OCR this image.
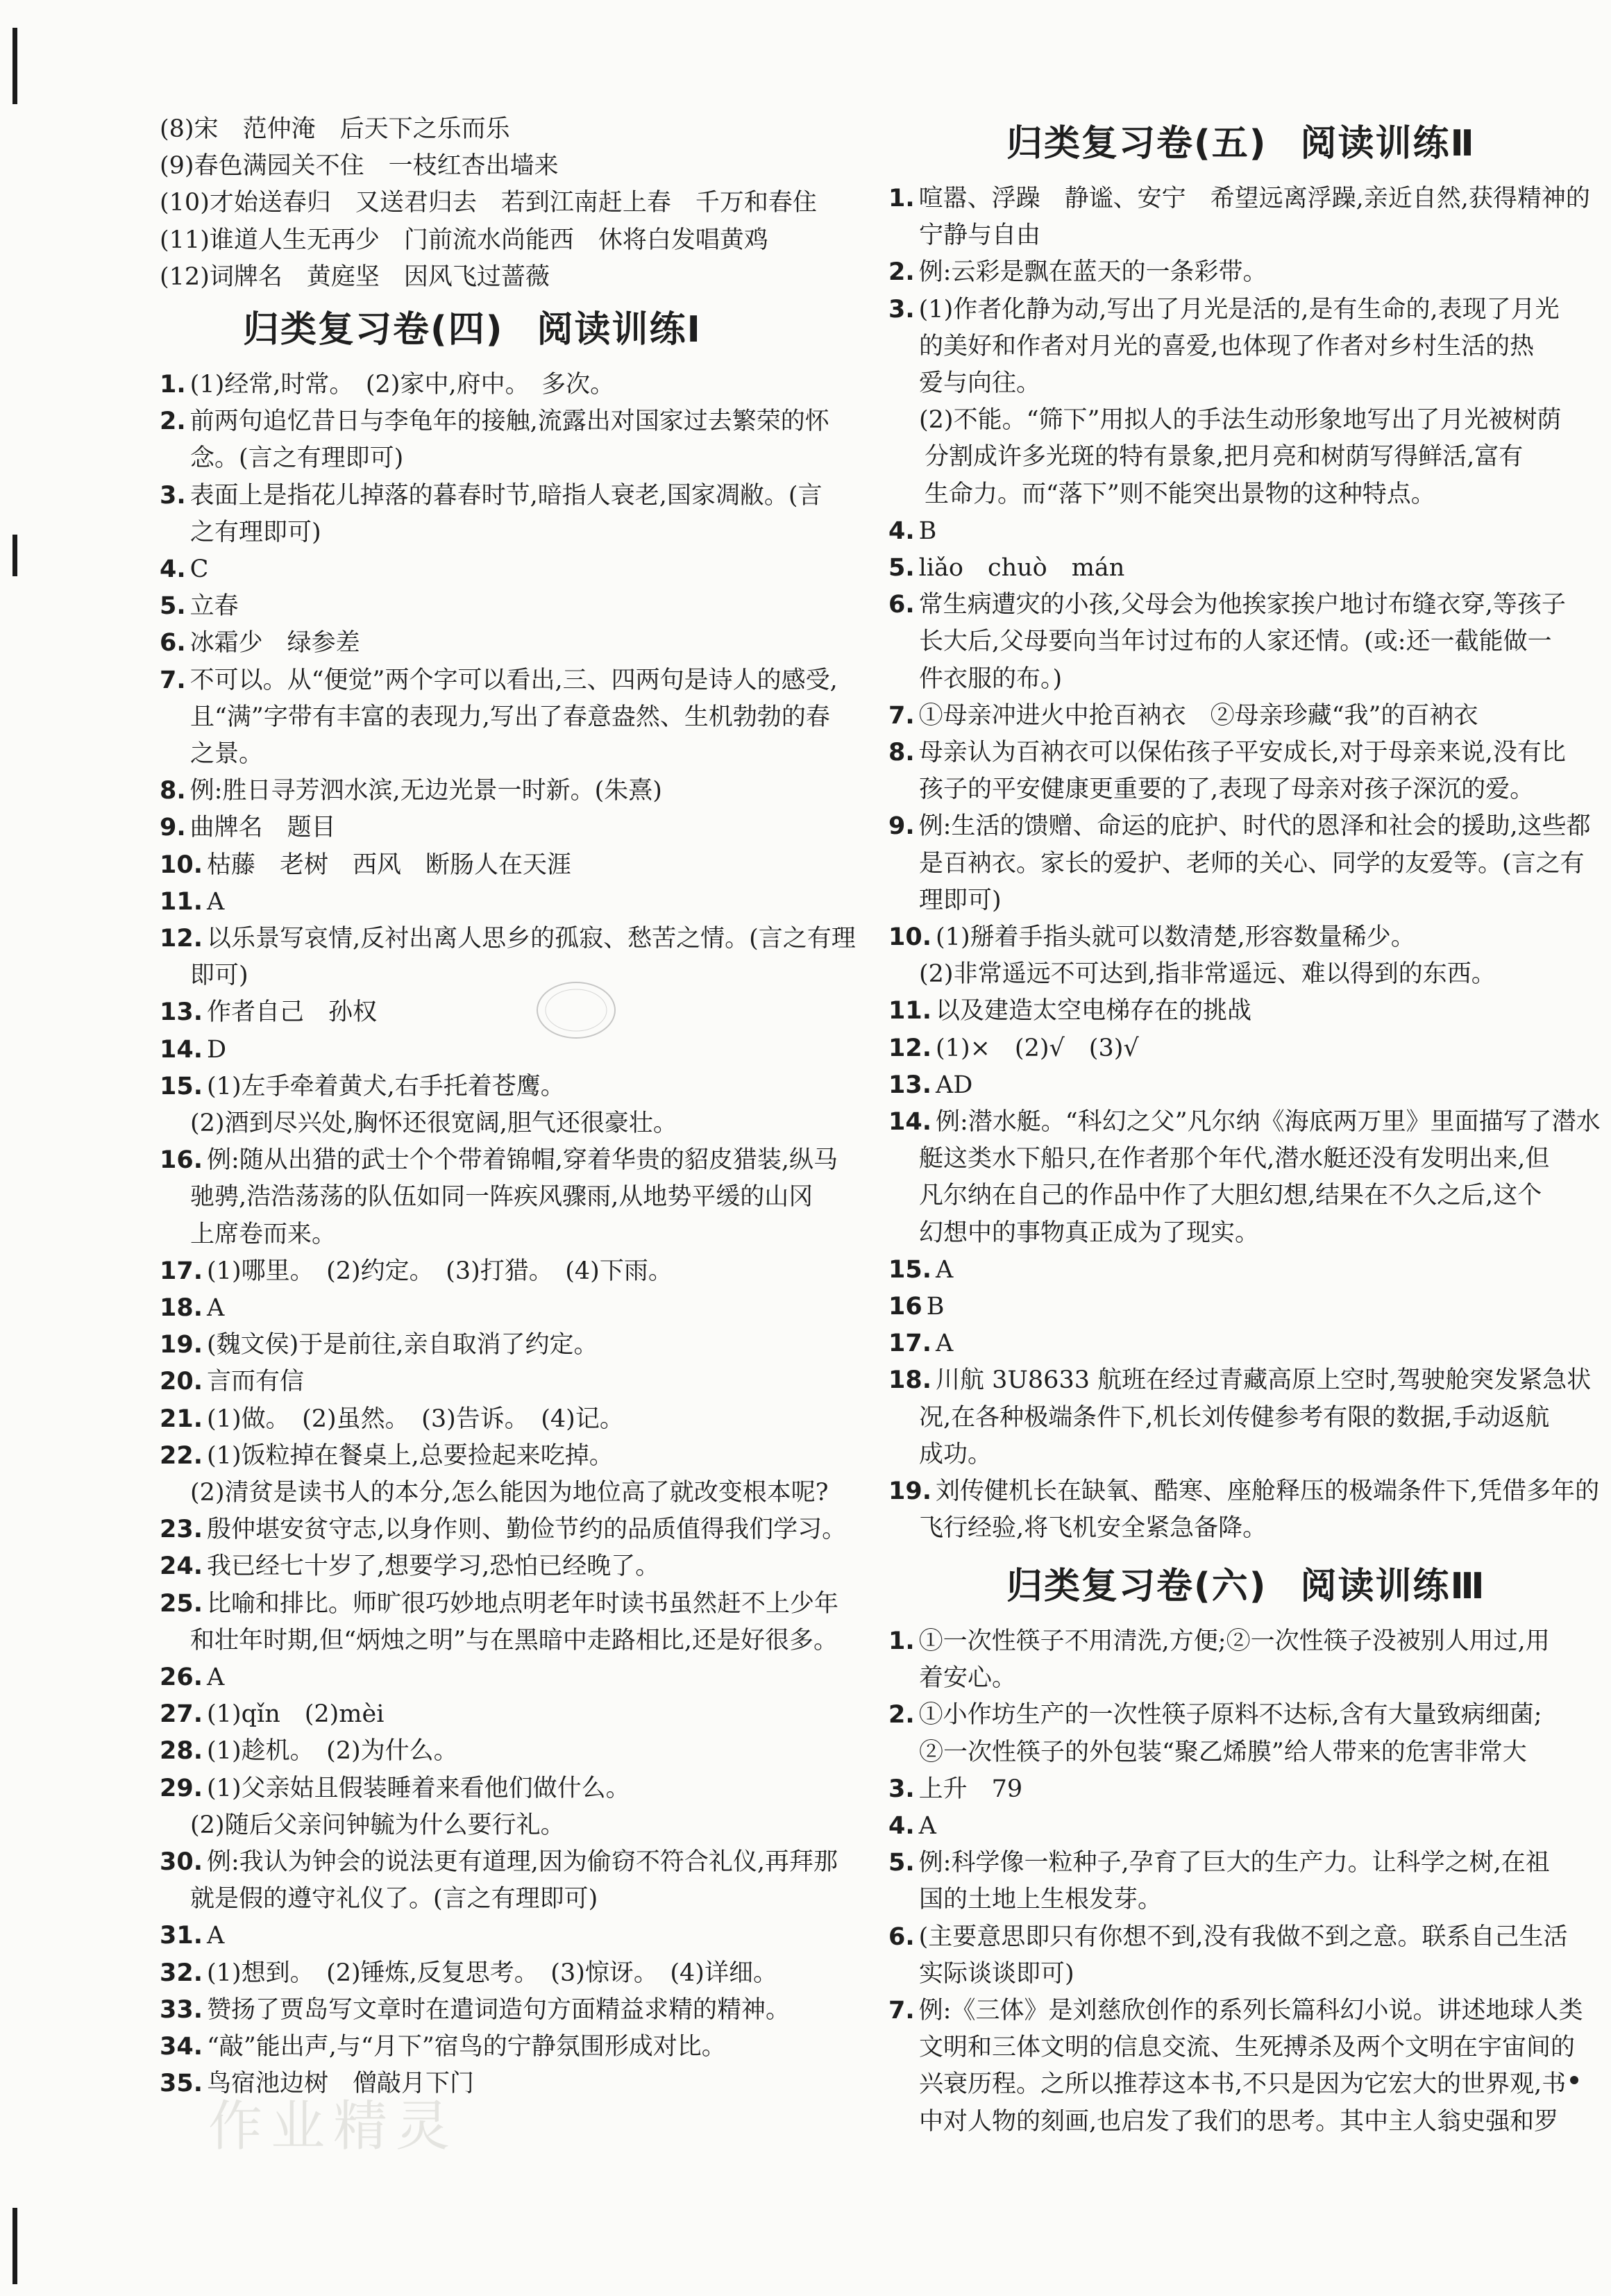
(8)宋　范仲淹　后天下之乐而乐
(9)春色满园关不住　一枝红杏出墙来
(10)才始送春归　又送君归去　若到江南赶上春　千万和春住
(11)谁道人生无再少　门前流水尚能西　休将白发唱黄鸡
(12)词牌名　黄庭坚　因风飞过蔷薇
归类复习卷(四) 阅读训练Ⅰ
1. (1)经常,时常。　(2)家中,府中。　多次。
2. 前两句追忆昔日与李龟年的接触,流露出对国家过去繁荣的怀
念。(言之有理即可)
3. 表面上是指花儿掉落的暮春时节,暗指人衰老,国家凋敝。(言
之有理即可)
4. C
5. 立春
6. 冰霜少　绿参差
7. 不可以。从“便觉”两个字可以看出,三、四两句是诗人的感受,
且“满”字带有丰富的表现力,写出了春意盎然、生机勃勃的春
之景。
8. 例:胜日寻芳泗水滨,无边光景一时新。(朱熹)
9. 曲牌名　题目
10. 枯藤　老树　西风　断肠人在天涯
11. A
12. 以乐景写哀情,反衬出离人思乡的孤寂、愁苦之情。(言之有理
即可)
13. 作者自己　孙权
14. D
15. (1)左手牵着黄犬,右手托着苍鹰。
(2)酒到尽兴处,胸怀还很宽阔,胆气还很豪壮。
16. 例:随从出猎的武士个个带着锦帽,穿着华贵的貂皮猎装,纵马
驰骋,浩浩荡荡的队伍如同一阵疾风骤雨,从地势平缓的山冈
上席卷而来。
17. (1)哪里。　(2)约定。　(3)打猎。　(4)下雨。
18. A
19. (魏文侯)于是前往,亲自取消了约定。
20. 言而有信
21. (1)做。　(2)虽然。　(3)告诉。　(4)记。
22. (1)饭粒掉在餐桌上,总要捡起来吃掉。
(2)清贫是读书人的本分,怎么能因为地位高了就改变根本呢?
23. 殷仲堪安贫守志,以身作则、勤俭节约的品质值得我们学习。
24. 我已经七十岁了,想要学习,恐怕已经晚了。
25. 比喻和排比。师旷很巧妙地点明老年时读书虽然赶不上少年
和壮年时期,但“炳烛之明”与在黑暗中走路相比,还是好很多。
26. A
27. (1)qǐn　(2)mèi
28. (1)趁机。　(2)为什么。
29. (1)父亲姑且假装睡着来看他们做什么。
(2)随后父亲问钟毓为什么要行礼。
30. 例:我认为钟会的说法更有道理,因为偷窃不符合礼仪,再拜那
就是假的遵守礼仪了。(言之有理即可)
31. A
32. (1)想到。　(2)锤炼,反复思考。　(3)惊讶。　(4)详细。
33. 赞扬了贾岛写文章时在遣词造句方面精益求精的精神。
34. “敲”能出声,与“月下”宿鸟的宁静氛围形成对比。
35. 鸟宿池边树　僧敲月下门
归类复习卷(五) 阅读训练Ⅱ
1. 喧嚣、浮躁　静谧、安宁　希望远离浮躁,亲近自然,获得精神的
宁静与自由
2. 例:云彩是飘在蓝天的一条彩带。
3. (1)作者化静为动,写出了月光是活的,是有生命的,表现了月光
的美好和作者对月光的喜爱,也体现了作者对乡村生活的热
爱与向往。
(2)不能。“筛下”用拟人的手法生动形象地写出了月光被树荫
分割成许多光斑的特有景象,把月亮和树荫写得鲜活,富有
生命力。而“落下”则不能突出景物的这种特点。
4. B
5. liǎo　chuò　mán
6. 常生病遭灾的小孩,父母会为他挨家挨户地讨布缝衣穿,等孩子
长大后,父母要向当年讨过布的人家还情。(或:还一截能做一
件衣服的布。)
7. ①母亲冲进火中抢百衲衣　②母亲珍藏“我”的百衲衣
8. 母亲认为百衲衣可以保佑孩子平安成长,对于母亲来说,没有比
孩子的平安健康更重要的了,表现了母亲对孩子深沉的爱。
9. 例:生活的馈赠、命运的庇护、时代的恩泽和社会的援助,这些都
是百衲衣。家长的爱护、老师的关心、同学的友爱等。(言之有
理即可)
10. (1)掰着手指头就可以数清楚,形容数量稀少。
(2)非常遥远不可达到,指非常遥远、难以得到的东西。
11. 以及建造太空电梯存在的挑战
12. (1)×　(2)√　(3)√
13. AD
14. 例:潜水艇。“科幻之父”凡尔纳《海底两万里》里面描写了潜水
艇这类水下船只,在作者那个年代,潜水艇还没有发明出来,但
凡尔纳在自己的作品中作了大胆幻想,结果在不久之后,这个
幻想中的事物真正成为了现实。
15. A
16 B
17. A
18. 川航 3U8633 航班在经过青藏高原上空时,驾驶舱突发紧急状
况,在各种极端条件下,机长刘传健参考有限的数据,手动返航
成功。
19. 刘传健机长在缺氧、酷寒、座舱释压的极端条件下,凭借多年的
飞行经验,将飞机安全紧急备降。
归类复习卷(六) 阅读训练Ⅲ
1. ①一次性筷子不用清洗,方便;②一次性筷子没被别人用过,用
着安心。
2. ①小作坊生产的一次性筷子原料不达标,含有大量致病细菌;
②一次性筷子的外包装“聚乙烯膜”给人带来的危害非常大
3. 上升　79
4. A
5. 例:科学像一粒种子,孕育了巨大的生产力。让科学之树,在祖
国的土地上生根发芽。
6. (主要意思即只有你想不到,没有我做不到之意。联系自己生活
实际谈谈即可)
7. 例:《三体》是刘慈欣创作的系列长篇科幻小说。讲述地球人类
文明和三体文明的信息交流、生死搏杀及两个文明在宇宙间的
兴衰历程。之所以推荐这本书,不只是因为它宏大的世界观,书
中对人物的刻画,也启发了我们的思考。其中主人翁史强和罗
作业精灵
